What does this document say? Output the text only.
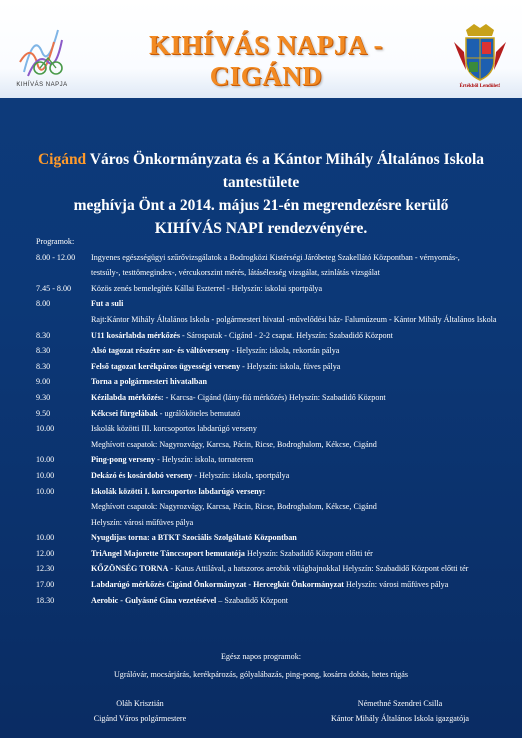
KIHÍVÁS NAPJA
KIHÍVÁS NAPJA - CIGÁND	Értékből Lendület!
Cigánd Város Önkormányzata és a Kántor Mihály Általános Iskola tantestülete
meghívja Önt a 2014. május 21-én megrendezésre kerülő
KIHÍVÁS NAPI rendezvényére.
Programok:
8.00 - 12.00	Ingyenes egészségügyi szűrővizsgálatok a Bodrogközi Kistérségi Járóbeteg Szakellátó Központban - vérnyomás-,
testsúly-, testtömegindex-, vércukorszint mérés, látásélesség vizsgálat, szinlátás vizsgálat
7.45 - 8.00	Közös zenés bemelegítés Kállai Eszterrel - Helyszín: iskolai sportpálya
8.00	Fut a suli
Rajt:Kántor Mihály Általános Iskola - polgármesteri hivatal -művelődési ház- Falumúzeum - Kántor Mihály Általános Iskola
8.30	U11 kosárlabda mérkőzés - Sárospatak - Cigánd - 2-2 csapat. Helyszín: Szabadidő Központ
8.30	Alsó tagozat részére sor- és váltóverseny - Helyszín: iskola, rekortán pálya
8.30	Felső tagozat kerékpáros ügyességi verseny - Helyszín: iskola, füves pálya
9.00	Torna a polgármesteri hivatalban
9.30	Kézilabda mérkőzés: - Karcsa- Cigánd (lány-fiú mérkőzés) Helyszín: Szabadidő Központ
9.50	Kékcsei fürgelábak - ugrálóköteles bemutató
10.00	Iskolák közötti III. korcsoportos labdarúgó verseny
Meghívott csapatok: Nagyrozvágy, Karcsa, Pácin, Ricse, Bodroghalom, Kékcse, Cigánd
10.00	Ping-pong verseny - Helyszín: iskola, tornaterem
10.00	Dekázó és kosárdobó verseny - Helyszín: iskola, sportpálya
10.00	Iskolák közötti I. korcsoportos labdarúgó verseny:
Meghívott csapatok: Nagyrozvágy, Karcsa, Pácin, Ricse, Bodroghalom, Kékcse, Cigánd
Helyszín: városi műfüves pálya
10.00	Nyugdíjas torna: a BTKT Szociális Szolgáltató Központban
12.00	TriAngel Majorette Tánccsoport bemutatója Helyszín: Szabadidő Központ előtti tér
12.30	KŐZÖNSÉG TORNA - Katus Attilával, a hatszoros aerobik világbajnokkal Helyszín: Szabadidő Központ előtti tér
17.00	Labdarúgó mérkőzés Cigánd Önkormányzat - Hercegkút Önkormányzat Helyszín: városi műfüves pálya
18.30	Aerobic - Gulyásné Gina vezetésével – Szabadidő Központ
Egész napos programok:
Ugrálóvár, mocsárjárás, kerékpározás, gólyalábazás, ping-pong, kosárra dobás, hetes rúgás
Oláh Krisztián
Cigánd Város polgármestere
Némethné Szendrei Csilla
Kántor Mihály Általános Iskola igazgatója
